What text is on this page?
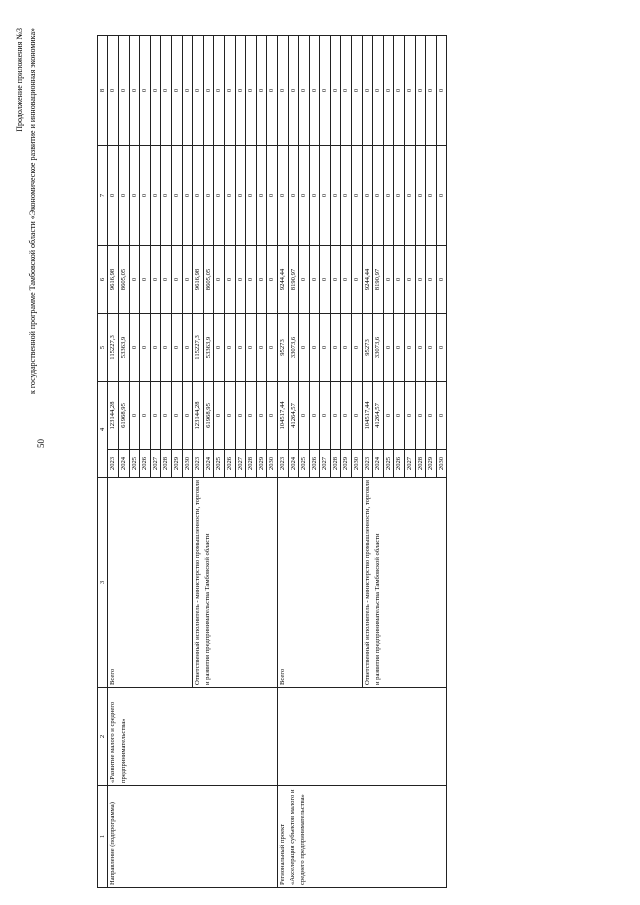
50
Продолжение приложения №3 к государственной программе Тамбовской области «Экономическое развитие и инновационная экономика»
1	2	3	4		5	6	7	8
Направление (подпрограмма)	«Развитие малого и среднего предпринимательства»	Всего	2023	123144,28	115227,3	9616,98	0	0
			2024	61968,95	53363,9	8605,05	0	0
			2025	0	0	0	0	0
			2026	0	0	0	0	0
			2027	0	0	0	0	0
			2028	0	0	0	0	0
			2029	0	0	0	0	0
			2030	0	0	0	0	0
		Ответственный исполнитель - министерство промышленности, торговли и развития предпринимательства Тамбовской области	2023	123144,28	115227,3	9616,98	0	0
			2024	61968,95	53363,9	8605,05	0	0
			2025	0	0	0	0	0
			2026	0	0	0	0	0
			2027	0	0	0	0	0
			2028	0	0	0	0	0
			2029	0	0	0	0	0
			2030	0	0	0	0	0
Региональный проект «Акселерация субъектов малого и среднего предпринимательства»		Всего	2023	104517,44	95273	9244,44	0	0
			2024	41264,57	33073,6	8190,97	0	0
			2025	0	0	0	0	0
			2026	0	0	0	0	0
			2027	0	0	0	0	0
			2028	0	0	0	0	0
			2029	0	0	0	0	0
			2030	0	0	0	0	0
		Ответственный исполнитель - министерство промышленности, торговли и развития предпринимательства Тамбовской области	2023	104517,44	95273	9244,44	0	0
			2024	41264,57	33073,6	8190,97	0	0
			2025	0	0	0	0	0
			2026	0	0	0	0	0
			2027	0	0	0	0	0
			2028	0	0	0	0	0
			2029	0	0	0	0	0
			2030	0	0	0	0	0
